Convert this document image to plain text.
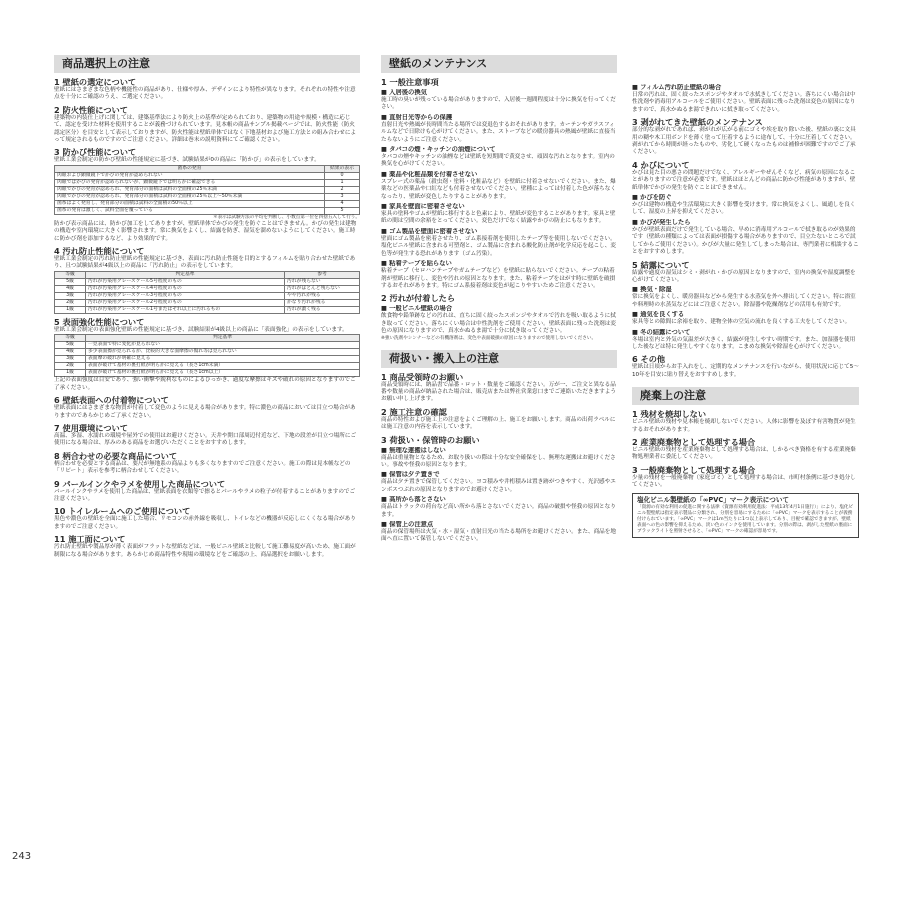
商品選択上の注意
1 壁紙の選定について
壁紙にはさまざまな色柄や機能性の商品があり、仕様や厚み、デザインにより特性が異なります。それぞれの特性や注意点を十分にご確認のうえ、ご選定ください。
2 防火性能について
建築物の内装仕上げに関しては、建築基準法により防火上の基準が定められており、建築物の用途や規模・構造に応じて、認定を受けた材料を使用することが義務づけられています。見本帳の商品サンプル掲載ページでは、防火性能（防火認定区分）を目安として表示しておりますが、防火性能は壁紙単体ではなく下地基材および施工方法との組み合わせによって規定されるものですのでご注意ください。詳細は巻末の説明資料にてご確認ください。
3 防かび性能について
壁紙工業会制定の防かび壁紙の性能規定に基づき、試験結果が0の商品に「防かび」の表示をしています。
菌糸の発育	結果の表示
肉眼および顕微鏡下でかびの発育が認められない	0
肉眼ではかびの発育が認められないが、顕微鏡下では明らかに確認できる	1
肉眼でかびの発育が認められ、発育部分の面積は試料の全面積の25％未満	2
肉眼でかびの発育が認められ、発育部分の面積は試料の全面積の25％以上～50％未満	3
菌糸はよく発育し、発育部分の面積は試料の全面積の50％以上	4
菌糸の発育は激しく、試料全面を覆っている	5
＊表示は試験方法の平均を判断し、小数点第一位を四捨五入して行う。
防かび表示商品には、防かび加工をしてありますが、壁紙単体でかびの発生を防ぐことはできません。かびの発生は建物の構造や室内環境に大きく影響されます。常に換気をよくし、結露を防ぎ、湿気を溜めないようにしてください。施工時に防かび剤を添加するなど、より効果的です。
4 汚れ防止性能について
壁紙工業会制定の汚れ防止壁紙の性能規定に基づき、表面に汚れ防止性能を目的とするフィルムを貼り合わせた壁紙であり、且つ試験結果が4級以上の商品に「汚れ防止」の表示をしています。
等級	判定基準	参考
5級	汚れが汚染用グレースケール5号程度のもの	汚れが残らない
4級	汚れが汚染用グレースケール4号程度のもの	汚れがほとんど残らない
3級	汚れが汚染用グレースケール3号程度のもの	やや汚れが残る
2級	汚れが汚染用グレースケール2号程度のもの	かなり汚れが残る
1級	汚れが汚染用グレースケール1号またはそれ以上に汚れるもの	汚れが濃く残る
5 表面強化性能について
壁紙工業会制定の表面強化壁紙の性能規定に基づき、試験結果が4級以上の商品に「表面強化」の表示をしています。
等級	判定基準
5級	一見表面で特に変化が見られない
4級	多少表面擦が見られるが、比較的大きな面摩擦の傷れ等は見られない
3級	表面摩の破れが明確に見える
2級	表面が破けて基材の裏打紙が明らかに見える（長さ1cm未満）
1級	表面が破けて基材の裏打紙が明らかに見える（長さ1cm以上）
上記の表面強度は目安であり、強い衝撃や鋭利なものによるひっかき、過度な摩擦はキズや破れの原因となりますのでご了承ください。
6 壁紙表面への付着物について
壁紙表面にはさまざまな物質が付着して変色のように見える場合があります。特に濃色の商品においては目立つ場合がありますのであらかじめご了承ください。
7 使用環境について
高温、多湿、水濡れの環境や屋外での使用はお避けください。天井や開口部周辺付近など、下地の段差が目立つ場所にご使用になる場合は、厚みのある商品をお選びいただくことをおすすめします。
8 柄合わせの必要な商品について
柄合わせを必要とする商品は、要尺が無地系の商品よりも多くなりますのでご注意ください。施工の際は見本帳などの「リピート」表示を参考に柄合わせしてください。
9 パールインクやラメを使用した商品について
パールインクやラメを使用した商品は、壁紙表面を衣類等で擦るとパールやラメの粒子が付着することがありますのでご注意ください。
10 トイレルームへのご使用について
黒色や濃色の壁紙を全面に施工した場合、リモコンの赤外線を吸収し、トイレなどの機器が反応しにくくなる場合がありますのでご注意ください。
11 施工面について
汚れ防止壁紙や製品厚が薄く表面がフラットな壁紙などは、一般ビニル壁紙と比較して施工難易度が高いため、施工面が制限になる場合があります。あらかじめ商品特性や現場の環境などをご確認の上、商品選択をお願いします。
壁紙のメンテナンス
1 一般注意事項
■ 入居後の換気
施工時の臭いが残っている場合がありますので、入居後一週間程度は十分に換気を行ってください。
■ 直射日光等からの保護
直射日光や熱風が長時間当たる場所では変退色するおそれがあります。カーテンやガラスフィルムなどで日除けも心がけてください。また、ストーブなどの暖房器具の熱風が壁紙に直接当たらないようにご注意ください。
■ タバコの煙・キッチンの油煙について
タバコの煙やキッチンの油煙などは壁紙を短期間で黄変させ、頑固な汚れとなります。室内の換気を心がけてください。
■ 薬品や化粧品類を付着させない
スプレー式の薬品（殺虫剤・塗料・化粧品など）を壁紙に付着させないでください。また、爆薬などの医薬品や口紅なども付着させないでください。壁種によっては付着した色が落ちなくなったり、壁紙が変色したりすることがあります。
■ 家具を壁面に密着させない
家具の塗料やゴムが壁紙に移行すると色素により、壁紙が変色することがあります。家具と壁紙の間は空間の余裕をとってください。変色だけでなく結露やかびの防止にもなります。
■ ゴム製品を壁面に密着させない
壁面にゴム製品を密着させたり、ゴム系接着剤を使用したテープ等を使用しないでください。塩化ビニル壁紙に含まれる可塑剤と、ゴム製品に含まれる酸化防止剤が化学反応を起こし、変色等が発生する恐れがあります（ゴム汚染）。
■ 粘着テープを貼らない
粘着テープ（セロハンテープやガムテープなど）を壁紙に貼らないでください。テープの粘着剤が壁紙に移行し、変色や汚れの原因となります。また、粘着テープをはがす時に壁紙を破損するおそれがあります。特にゴム系接着剤は変色が起こりやすいためご注意ください。
2 汚れが付着したら
■ 一般ビニル壁紙の場合
飲食物や鉛筆跡などの汚れは、直ちに固く絞ったスポンジやタオルで汚れを吸い取るように拭き取ってください。落ちにくい場合は中性洗剤をご使用ください。壁紙表面に残った洗剤は変色の原因になりますので、真水かぬるま湯で十分に拭き取ってください。
※強い洗剤やシンナーなどの有機溶剤は、変色や表面破損の原因になりますので使用しないでください。
荷扱い・搬入上の注意
1 商品受領時のお願い
商品受領時には、納品書で品番・ロット・数量をご確認ください。万が一、ご注文と異なる品番や数量の商品が納品された場合は、販売店または弊社営業窓口までご連絡いただきますようお願い申し上げます。
2 施工注意の確認
商品の特性および施工上の注意をよくご理解の上、施工をお願いします。商品の出荷ラベルには施工注意の内容を表示しています。
3 荷扱い・保管時のお願い
■ 無理な運搬はしない
商品は重量物となるため、お取り扱いの際は十分な安全確保をし、無理な運搬はお避けください。事故や怪我の原因となります。
■ 保管は夕テ置きで
商品は夕テ置きで保管してください。ヨコ積みや井桁積みは置き跡がつきやすく、光沢感やエンボスつぶれの原因となりますのでお避けください。
■ 高所から落とさない
商品はトラックの荷台など高い所から落とさないでください。商品の破損や怪我の原因となります。
■ 保管上の注意点
商品の保管場所は火気・水・湿気・直射日光の当たる場所をお避けください。また、商品を地面へ直に置いて保管しないでください。
■ フィルム汚れ防止壁紙の場合
日常の汚れは、固く絞ったスポンジやタオルで水拭きしてください。落ちにくい場合は中性洗剤や消毒用アルコールをご使用ください。壁紙表面に残った洗剤は変色の原因になりますので、真水かぬるま湯できれいに拭き取ってください。
3 剥がれてきた壁紙のメンテナンス
部分的な剥がれであれば、剥がれが広がる前にゴミや埃を取り除いた後、壁紙の裏に文具用の糊や木工用ボンドを薄く塗って圧着するように途布して、十分に圧着してください。剥がれてから時間が経ったものや、劣化して硬くなったものは補修が困難ですのでご了承ください。
4 かびについて
かびは見た目の悪さの問題だけでなく、アレルギーやぜんそくなど、病気の原因になることがありますので注意が必要です。壁紙はほとんどの商品に防かび性能がありますが、壁紙単体でかびの発生を防ぐことはできません。
■ かびを防ぐ
かびは建物の構造や生活環境に大きく影響を受けます。常に換気をよくし、風通しを良くして、湿度の上昇を抑えてください。
■ かびが発生したら
かびが壁紙表面だけで発生している場合、早めに消毒用アルコールで拭き取るのが効果的です（壁紙の種類によっては表面が損傷する場合がありますので、目立たないところで試してからご使用ください）。かびが大量に発生してしまった場合は、専門業者に相談することをおすすめします。
5 結露について
結露や過度の湿気はシミ・剥がれ・かびの原因となりますので、室内の換気や湿度調整を心がけてください。
■ 換気・除湿
常に換気をよくし、暖房器具などから発生する水蒸気を外へ排出してください。特に浴室や料理時の水蒸気などにはご注意ください。除湿器や乾燥剤などの活用も有効です。
■ 通気を良くする
家具等との隙間に余裕を取り、建物全体の空気の流れを良くする工夫をしてください。
■ 冬の結露について
冬場は室内と外気の気温差が大きく、結露が発生しやすい時期です。また、加湿器を使用した後などは特に発生しやすくなります。こまめな換気や除湿を心がけてください。
6 その他
壁紙は日頃からお手入れをし、定期的なメンテナンスを行いながら、使用状況に応じて5～10年を目安に貼り替えをおすすめします。
廃棄上の注意
1 残材を焼却しない
ビニル壁紙の残材や見本帳を焼却しないでください。人体に影響を及ぼす有害物質が発生するおそれがあります。
2 産業廃棄物として処理する場合
ビニル壁紙の残材を産業廃棄物として処理する場合は、しかるべき資格を有する産業廃棄物処理業者に委託してください。
3 一般廃棄物として処理する場合
少量の残材を一般廃棄物（家庭ゴミ）として処理する場合は、市町村条例に基づき処分してください。
塩化ビニル製壁紙の「∞PVC」マーク表示について
「資源の有効な利用の促進に関する法律（資源有効利用促進法：平成13年4月1日施行）」により、塩化ビニル製壁紙は指定表示製品に分類され、分別を容易にするために「∞PVC」マークを表示することが義務付けられています。「∞PVC」マークは1m当たりに1つ以上表示してあり、目視で確認できますが、壁紙表面への色の影響を抑えるため、淡い色のインクを使用しています。分別の際は、剥がした壁紙の裏面にブラックライトを照射させると、「∞PVC」マークの確認が容易です。
243
